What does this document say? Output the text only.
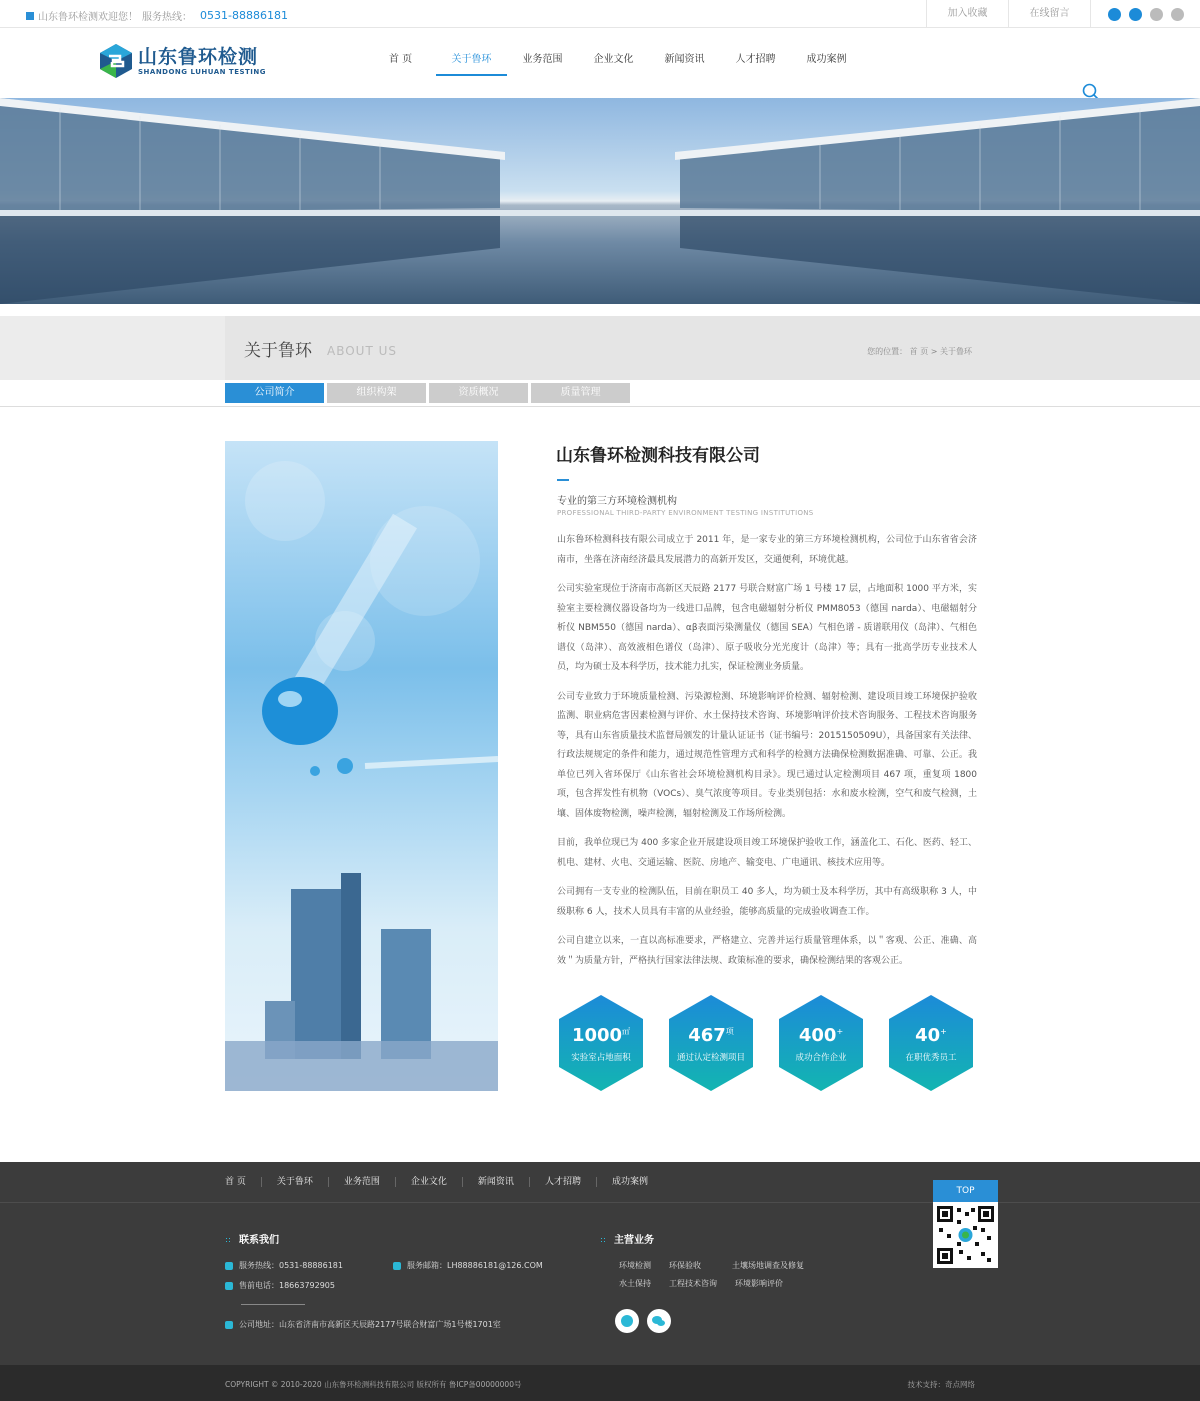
山东鲁环检测欢迎您！ 服务热线： 0531-88886181	加入收藏	在线留言
山东鲁环检测
SHANDONG LUHUAN TESTING
首 页	关于鲁环	业务范围	企业文化	新闻资讯	人才招聘	成功案例
关于鲁环 ABOUT US	您的位置： 首 页 > 关于鲁环
公司简介	组织构架	资质概况	质量管理
山东鲁环检测科技有限公司
专业的第三方环境检测机构
PROFESSIONAL THIRD-PARTY ENVIRONMENT TESTING INSTITUTIONS

山东鲁环检测科技有限公司成立于 2011 年，是一家专业的第三方环境检测机构，公司位于山东省省会济南市，坐落在济南经济最具发展潜力的高新开发区，交通便利，环境优越。

公司实验室现位于济南市高新区天辰路 2177 号联合财富广场 1 号楼 17 层，占地面积 1000 平方米，实验室主要检测仪器设备均为一线进口品牌，包含电磁辐射分析仪 PMM8053（德国 narda）、电磁辐射分析仪 NBM550（德国 narda）、αβ表面污染测量仪（德国 SEA）气相色谱 - 质谱联用仪（岛津）、气相色谱仪（岛津）、高效液相色谱仪（岛津）、原子吸收分光光度计（岛津）等；具有一批高学历专业技术人员，均为硕士及本科学历，技术能力扎实，保证检测业务质量。

公司专业致力于环境质量检测、污染源检测、环境影响评价检测、辐射检测、建设项目竣工环境保护验收监测、职业病危害因素检测与评价、水土保持技术咨询、环境影响评价技术咨询服务、工程技术咨询服务等，具有山东省质量技术监督局颁发的计量认证证书（证书编号：2015150509U），具备国家有关法律、行政法规规定的条件和能力，通过规范性管理方式和科学的检测方法确保检测数据准确、可靠、公正。我单位已列入省环保厅《山东省社会环境检测机构目录》。现已通过认定检测项目 467 项，重复项 1800 项，包含挥发性有机物（VOCs）、臭气浓度等项目。专业类别包括：水和废水检测，空气和废气检测，土壤、固体废物检测，噪声检测，辐射检测及工作场所检测。

目前，我单位现已为 400 多家企业开展建设项目竣工环境保护验收工作，涵盖化工、石化、医药、轻工、机电、建材、火电、交通运输、医院、房地产、输变电、广电通讯、核技术应用等。

公司拥有一支专业的检测队伍，目前在职员工 40 多人，均为硕士及本科学历，其中有高级职称 3 人，中级职称 6 人，技术人员具有丰富的从业经验，能够高质量的完成验收调查工作。

公司自建立以来，一直以高标准要求，严格建立、完善并运行质量管理体系，以＂客观、公正、准确、高效＂为质量方针，严格执行国家法律法规、政策标准的要求，确保检测结果的客观公正。

1000㎡
实验室占地面积
$467^项$
通过认定检测项目
400+
成功合作企业
40+
在职优秀员工
首 页	关于鲁环	业务范围	企业文化	新闻资讯	人才招聘	成功案例
联系我们
服务热线：0531-88886181	服务邮箱：LH88886181@126.COM
售前电话：18663792905
公司地址：山东省济南市高新区天辰路2177号联合财富广场1号楼1701室
主营业务
环境检测 环保验收	土壤场地调查及修复
水土保持 工程技术咨询 环境影响评价
COPYRIGHT © 2010-2020 山东鲁环检测科技有限公司 版权所有 鲁ICP备00000000号	技术支持：奇点网络
TOP
